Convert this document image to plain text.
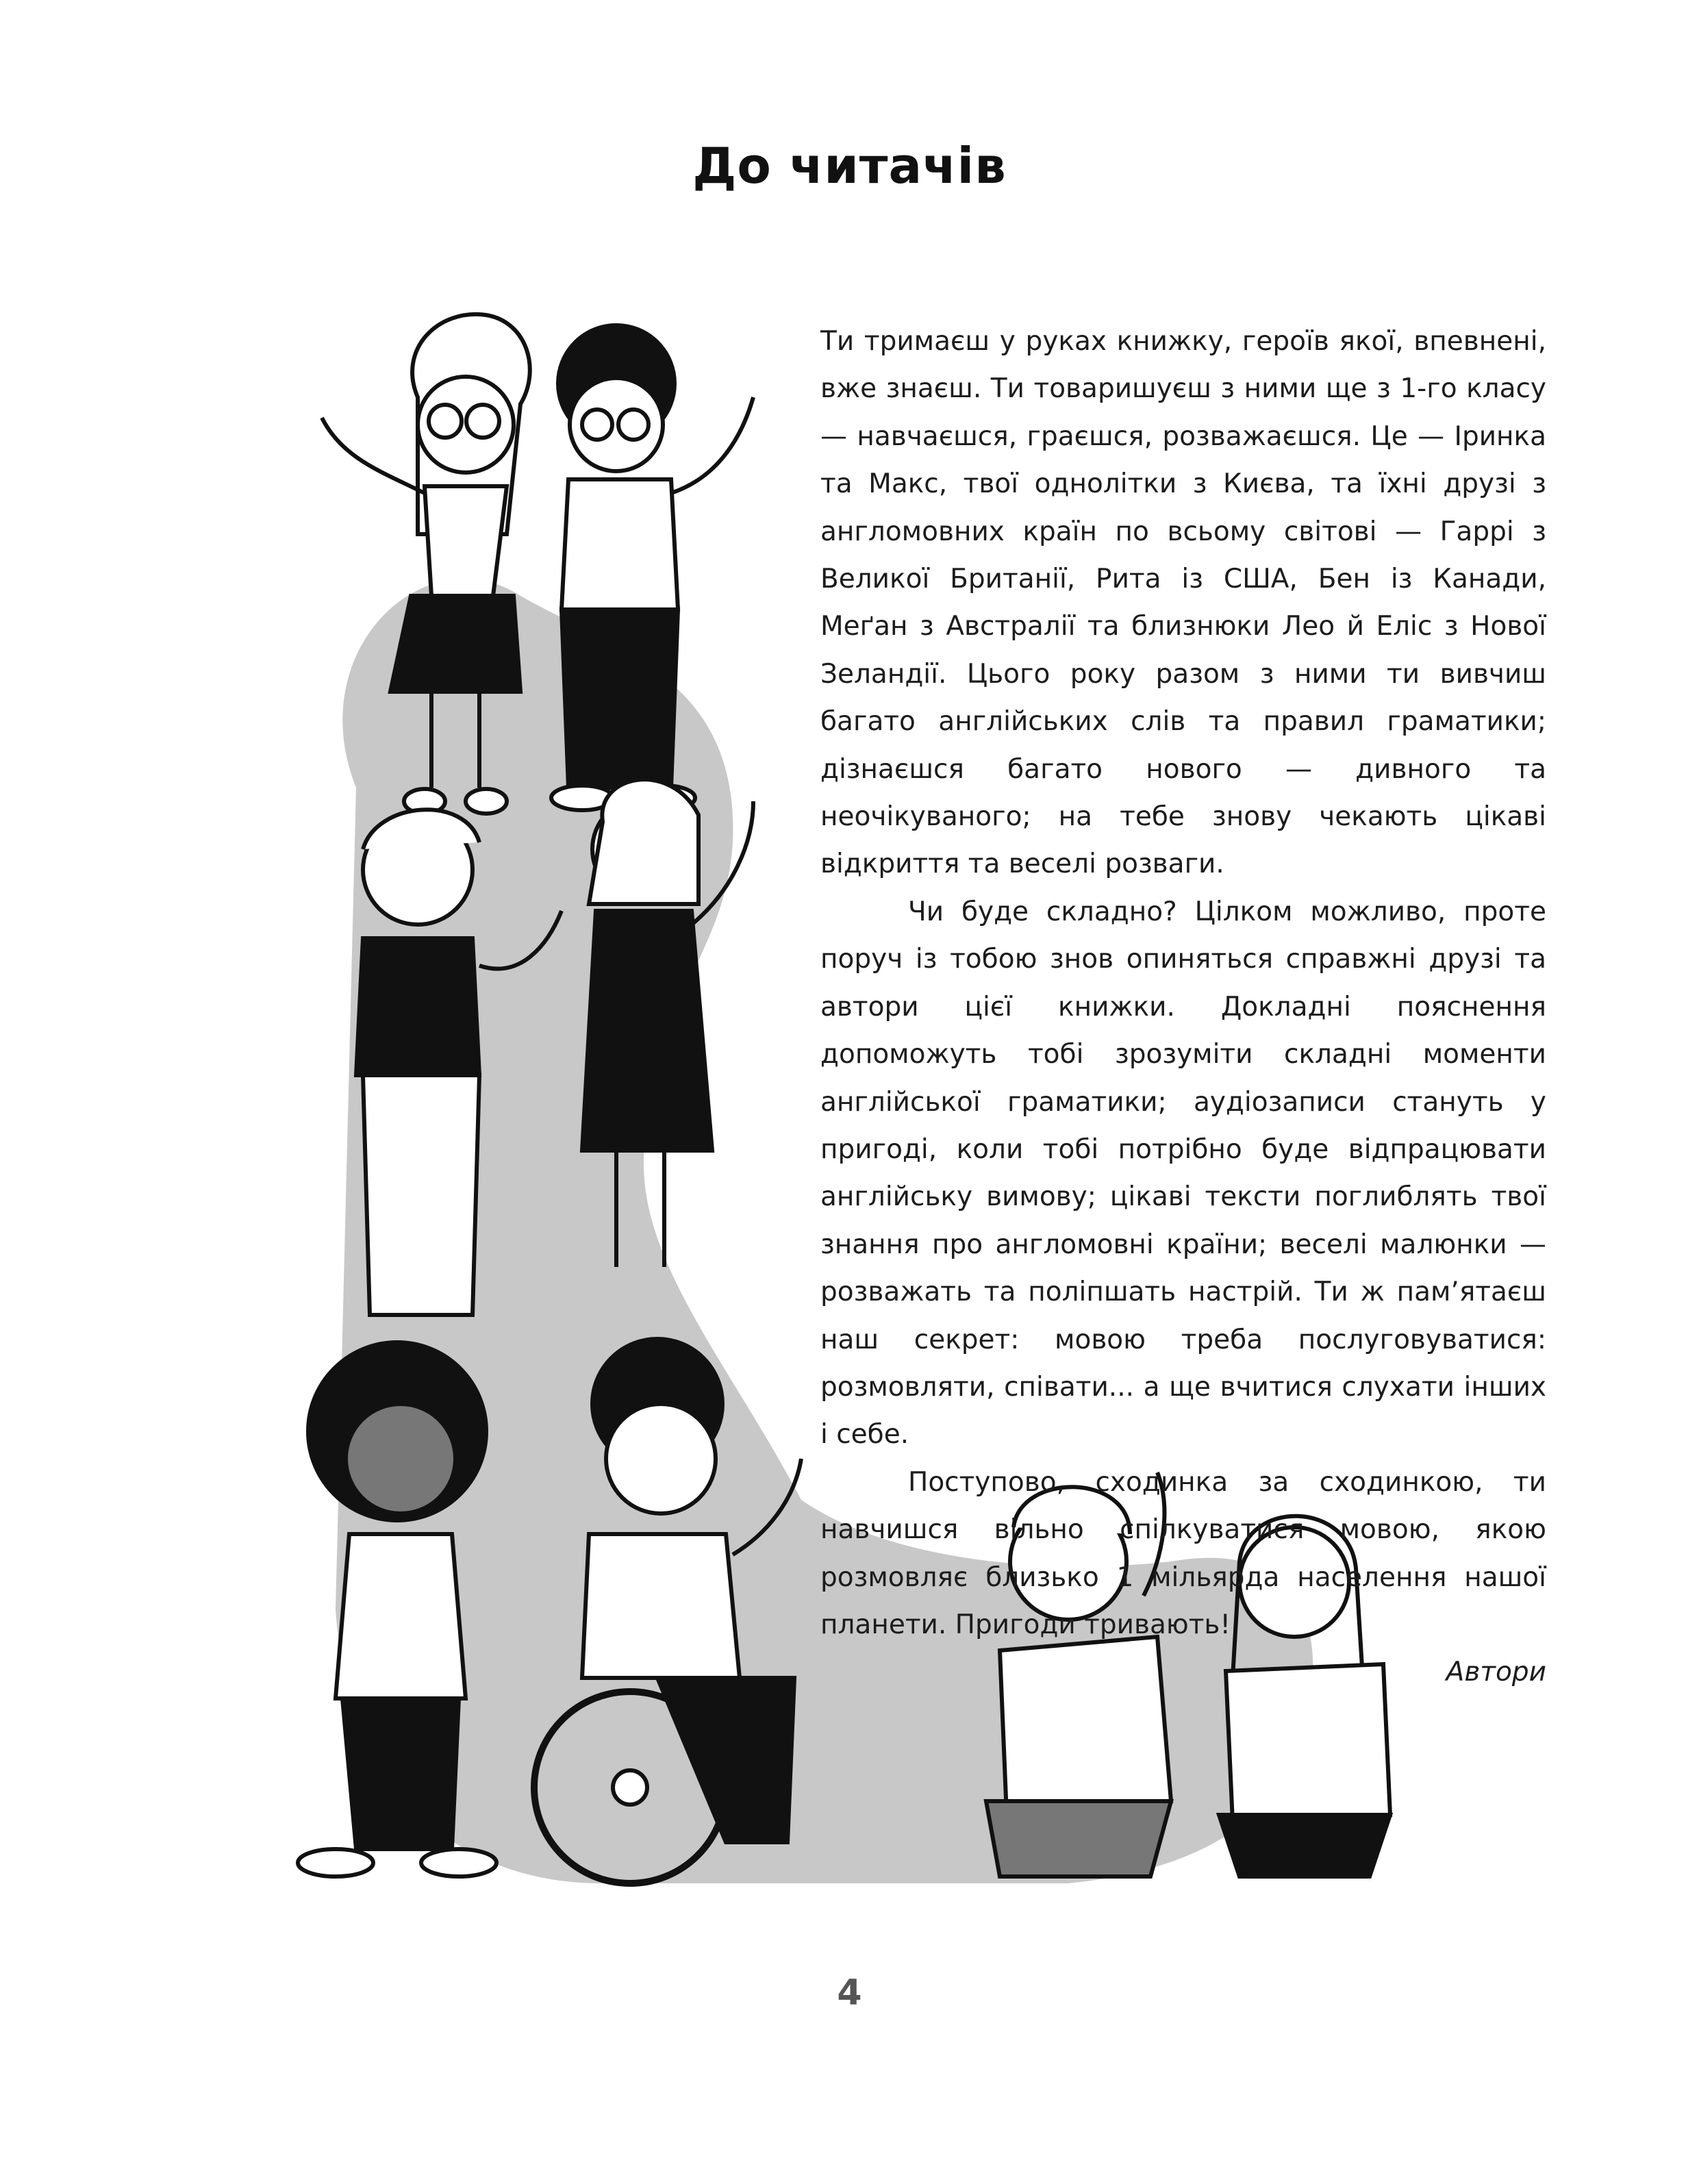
До читачів

Ти тримаєш у руках книжку, героїв якої, впевнені, вже знаєш. Ти товаришуєш з ними ще з 1-го класу — навчаєшся, граєшся, розважаєшся. Це — Іринка та Макс, твої однолітки з Києва, та їхні друзі з англомовних країн по всьому світові — Гаррі з Великої Британії, Рита із США, Бен із Канади, Меґан з Австралії та близнюки Лео й Еліс з Нової Зеландії. Цього року разом з ними ти вивчиш багато англійських слів та правил граматики; дізнаєшся багато нового — дивного та неочікуваного; на тебе знову чекають цікаві відкриття та веселі розваги.

Чи буде складно? Цілком можливо, проте поруч із тобою знов опиняться справжні друзі та автори цієї книжки. Докладні пояснення допоможуть тобі зрозуміти складні моменти англійської граматики; аудіозаписи стануть у пригоді, коли тобі потрібно буде відпрацювати англійську вимову; цікаві тексти поглиблять твої знання про англомовні країни; веселі малюнки — розважать та поліпшать настрій. Ти ж пам’ятаєш наш секрет: мовою треба послуговуватися: розмовляти, співати... а ще вчитися слухати інших і себе.

Поступово, сходинка за сходинкою, ти навчишся вільно спілкуватися мовою, якою розмовляє близько 1 мільярда населення нашої планети. Пригоди тривають!

Автори
4
